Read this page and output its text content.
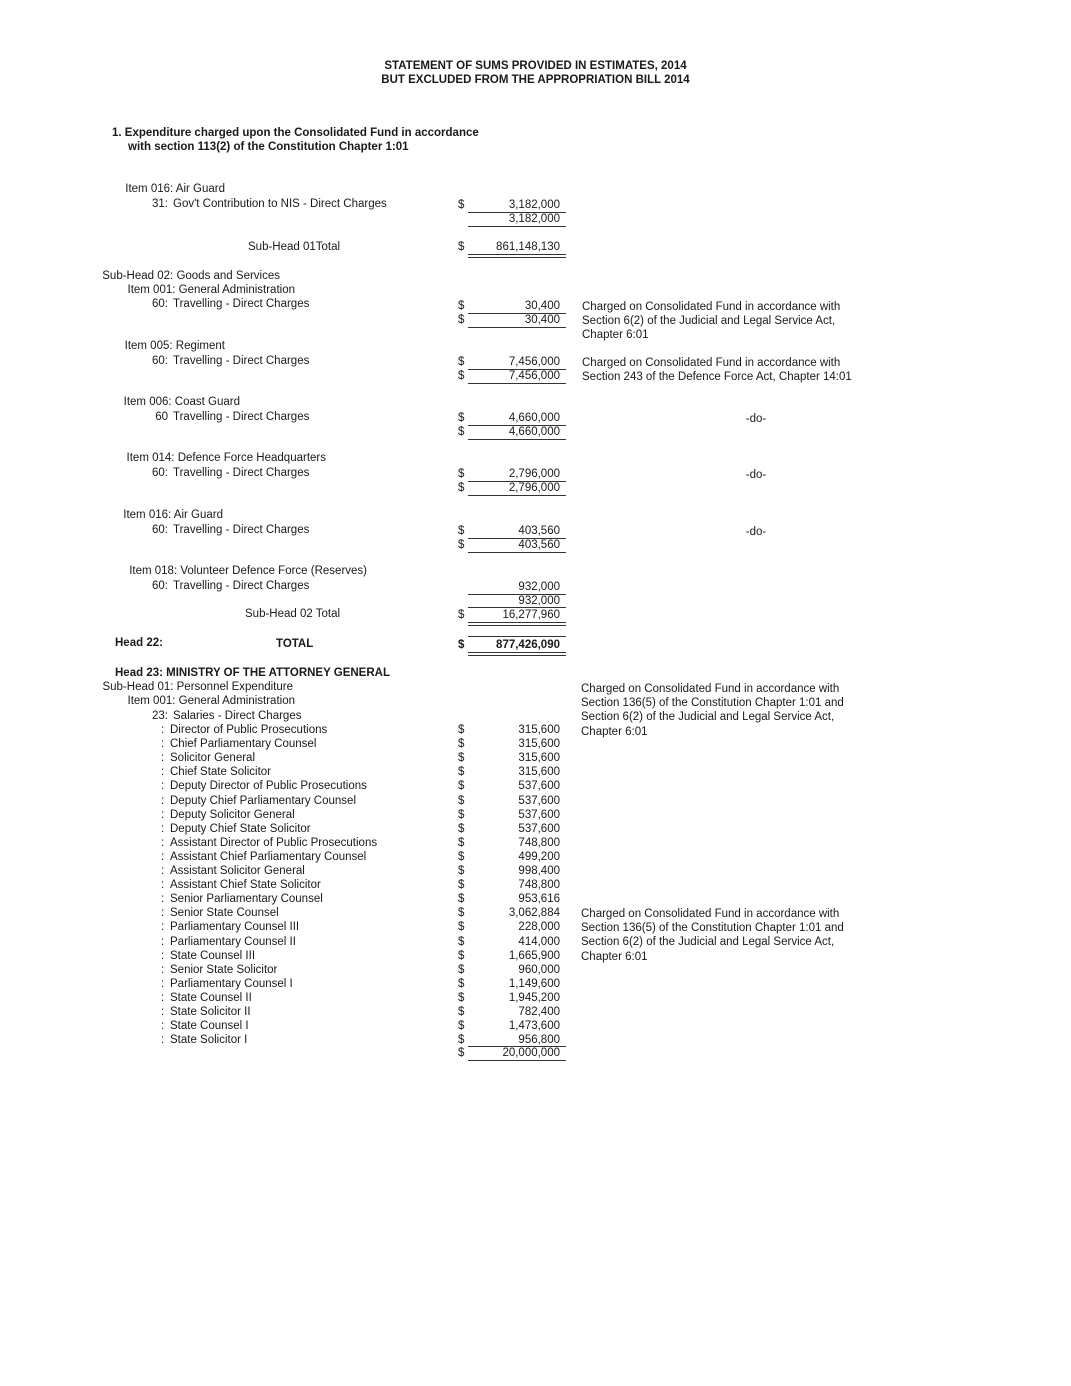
STATEMENT OF SUMS PROVIDED IN ESTIMATES, 2014
BUT EXCLUDED FROM THE APPROPRIATION BILL 2014
1. Expenditure charged upon the Consolidated Fund in accordance
with section 113(2) of the Constitution Chapter 1:01
Item 016: Air Guard
31: Gov't Contribution to NIS - Direct Charges	$	3,182,000
3,182,000
Sub-Head 01Total	$	861,148,130
Sub-Head 02: Goods and Services
Item 001: General Administration
60: Travelling - Direct Charges	$	30,400
$	30,400
Charged on Consolidated Fund in accordance with Section 6(2) of the Judicial and Legal Service Act, Chapter 6:01
Item 005: Regiment
60: Travelling - Direct Charges	$	7,456,000
$	7,456,000
Charged on Consolidated Fund in accordance with
Section 243 of the Defence Force Act, Chapter 14:01
Item 006: Coast Guard
60 Travelling - Direct Charges	$	4,660,000
$	4,660,000
-do-
Item 014: Defence Force Headquarters
60: Travelling - Direct Charges	$	2,796,000
$	2,796,000
-do-
Item 016: Air Guard
60: Travelling - Direct Charges	$	403,560
$	403,560
-do-
Item 018: Volunteer Defence Force (Reserves)
60: Travelling - Direct Charges	932,000
932,000
Sub-Head 02 Total	$	16,277,960
Head 22:	TOTAL	$	877,426,090
Head 23: MINISTRY OF THE ATTORNEY GENERAL
Sub-Head 01: Personnel Expenditure
Item 001: General Administration
23: Salaries - Direct Charges
Charged on Consolidated Fund in accordance with Section 136(5) of the Constitution Chapter 1:01 and Section 6(2) of the Judicial and Legal Service Act, Chapter 6:01
Charged on Consolidated Fund in accordance with Section 136(5) of the Constitution Chapter 1:01 and Section 6(2) of the Judicial and Legal Service Act, Chapter 6:01
: Director of Public Prosecutions	$	315,600
: Chief Parliamentary Counsel	$	315,600
: Solicitor General	$	315,600
: Chief State Solicitor	$	315,600
: Deputy Director of Public Prosecutions	$	537,600
: Deputy Chief Parliamentary Counsel	$	537,600
: Deputy Solicitor General	$	537,600
: Deputy Chief State Solicitor	$	537,600
: Assistant Director of Public Prosecutions	$	748,800
: Assistant Chief Parliamentary Counsel	$	499,200
: Assistant Solicitor General	$	998,400
: Assistant Chief State Solicitor	$	748,800
: Senior Parliamentary Counsel	$	953,616
: Senior State Counsel	$	3,062,884
: Parliamentary Counsel III	$	228,000
: Parliamentary Counsel II	$	414,000
: State Counsel III	$	1,665,900
: Senior State Solicitor	$	960,000
: Parliamentary Counsel I	$	1,149,600
: State Counsel II	$	1,945,200
: State Solicitor II	$	782,400
: State Counsel I	$	1,473,600
: State Solicitor I	$	956,800
$	20,000,000
